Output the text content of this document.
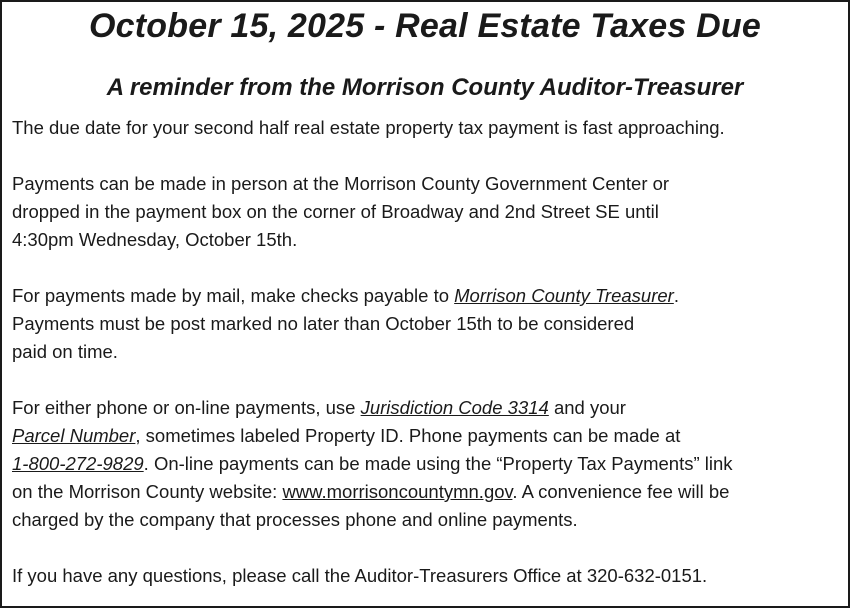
October 15, 2025 - Real Estate Taxes Due
A reminder from the Morrison County Auditor-Treasurer

The due date for your second half real estate property tax payment is fast approaching.

Payments can be made in person at the Morrison County Government Center or
dropped in the payment box on the corner of Broadway and 2nd Street SE until
4:30pm Wednesday, October 15th.

For payments made by mail, make checks payable to Morrison County Treasurer.
Payments must be post marked no later than October 15th to be considered
paid on time.

For either phone or on-line payments, use Jurisdiction Code 3314 and your
Parcel Number, sometimes labeled Property ID. Phone payments can be made at
1-800-272-9829. On-line payments can be made using the “Property Tax Payments” link
on the Morrison County website: www.morrisoncountymn.gov. A convenience fee will be
charged by the company that processes phone and online payments.

If you have any questions, please call the Auditor-Treasurers Office at 320-632-0151.
